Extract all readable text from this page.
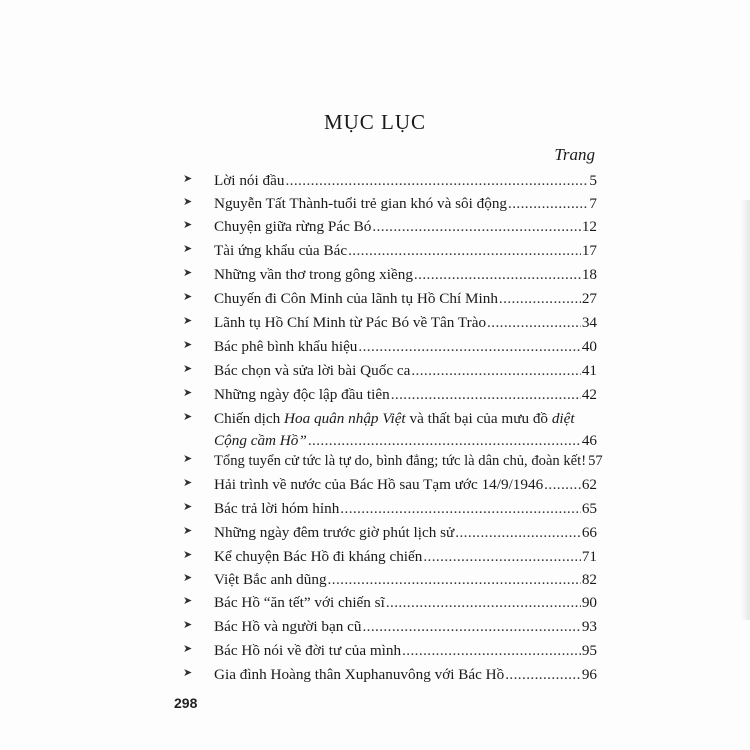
MỤC LỤC
Trang
➤ Lời nói đầu .....	5
➤ Nguyễn Tất Thành-tuổi trẻ gian khó và sôi động .....	7
➤ Chuyện giữa rừng Pác Bó .....	12
➤ Tài ứng khẩu của Bác .....	17
➤ Những vần thơ trong gông xiềng .....	18
➤ Chuyến đi Côn Minh của lãnh tụ Hồ Chí Minh .....	27
➤ Lãnh tụ Hồ Chí Minh từ Pác Bó về Tân Trào .....	34
➤ Bác phê bình khẩu hiệu .....	40
➤ Bác chọn và sửa lời bài Quốc ca .....	41
➤ Những ngày độc lập đầu tiên .....	42
➤ Chiến dịch Hoa quân nhập Việt và thất bại của mưu đồ diệt
Cộng cầm Hồ” .....	46
➤ Tổng tuyển cử tức là tự do, bình đẳng; tức là dân chủ, đoàn kết! 57
➤ Hải trình về nước của Bác Hồ sau Tạm ước 14/9/1946 .....	62
➤ Bác trả lời hóm hỉnh .....	65
➤ Những ngày đêm trước giờ phút lịch sử .....	66
➤ Kể chuyện Bác Hồ đi kháng chiến .....	71
➤ Việt Bắc anh dũng .....	82
➤ Bác Hồ “ăn tết” với chiến sĩ .....	90
➤ Bác Hồ và người bạn cũ .....	93
➤ Bác Hồ nói về đời tư của mình .....	95
➤ Gia đình Hoàng thân Xuphanuvông với Bác Hồ .....	96
298
